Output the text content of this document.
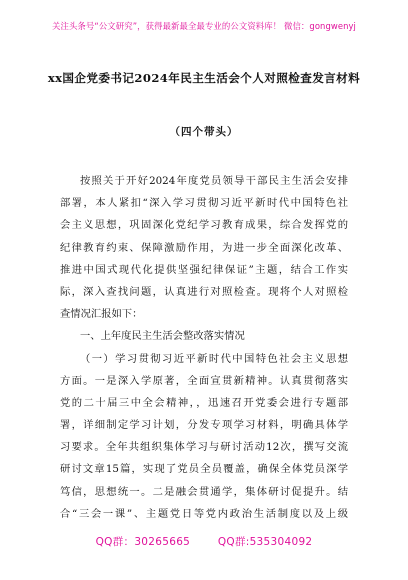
关注头条号“公文研究”，获得最新最全最专业的公文资料库！ 微信：gongwenyj
xx国企党委书记2024年民主生活会个人对照检查发言材料
（四个带头）
按照关于开好2024年度党员领导干部民主生活会安排
部署，本人紧扣“深入学习贯彻习近平新时代中国特色社
会主义思想，巩固深化党纪学习教育成果，综合发挥党的
纪律教育约束、保障激励作用，为进一步全面深化改革、
推进中国式现代化提供坚强纪律保证”主题，结合工作实
际，深入查找问题，认真进行对照检查。现将个人对照检
查情况汇报如下：
一、上年度民主生活会整改落实情况
（一）学习贯彻习近平新时代中国特色社会主义思想
方面。一是深入学原著，全面宣贯新精神。认真贯彻落实
党的二十届三中全会精神，，迅速召开党委会进行专题部
署，详细制定学习计划，分发专项学习材料，明确具体学
习要求。全年共组织集体学习与研讨活动12次，撰写交流
研讨文章15篇，实现了党员全员覆盖，确保全体党员深学
笃信，思想统一。二是融会贯通学，集体研讨促提升。结
合“三会一课”、主题党日等党内政治生活制度以及上级
QQ群：30265665	QQ群:535304092
